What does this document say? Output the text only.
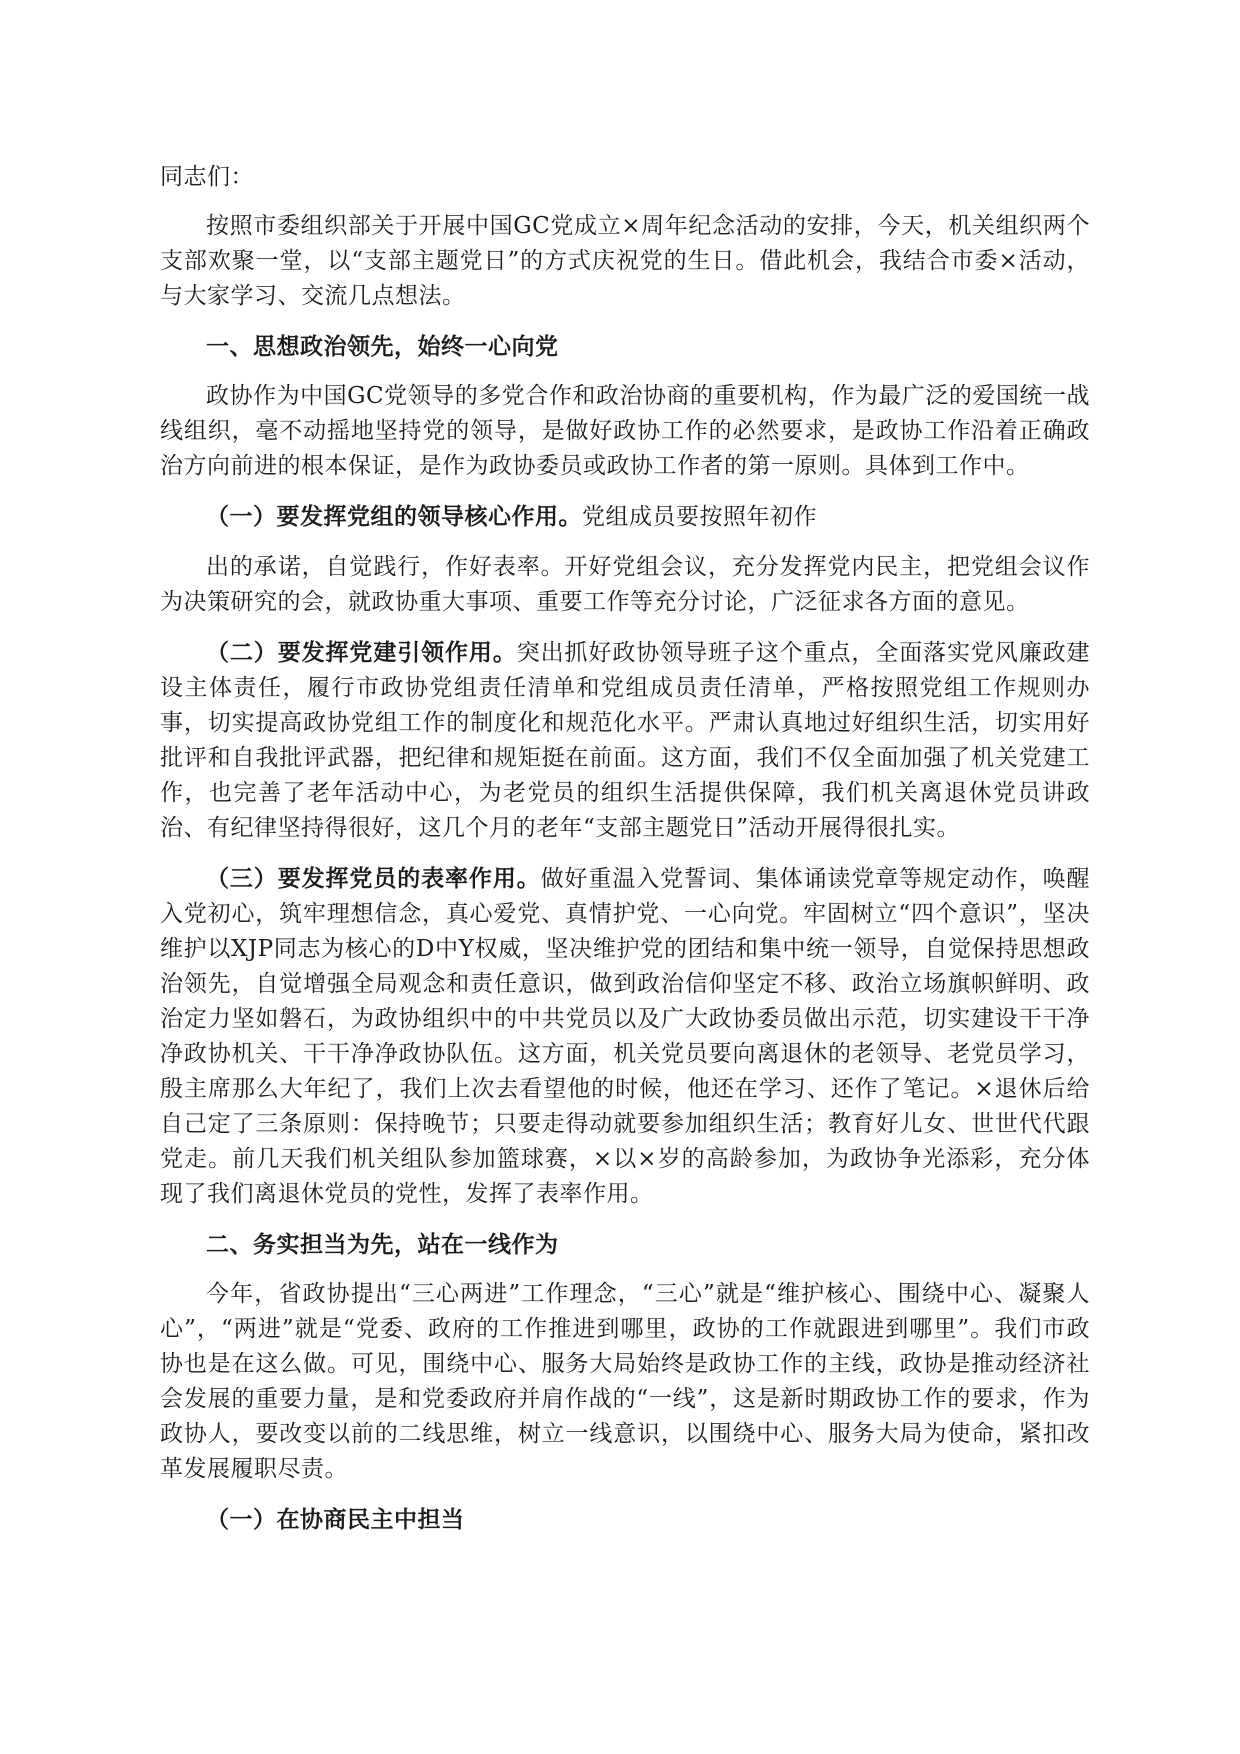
同志们：

按照市委组织部关于开展中国GC党成立×周年纪念活动的安排，今天，机关组织两个支部欢聚一堂，以“支部主题党日”的方式庆祝党的生日。借此机会，我结合市委×活动，与大家学习、交流几点想法。

一、思想政治领先，始终一心向党

政协作为中国GC党领导的多党合作和政治协商的重要机构，作为最广泛的爱国统一战线组织，毫不动摇地坚持党的领导，是做好政协工作的必然要求，是政协工作沿着正确政治方向前进的根本保证，是作为政协委员或政协工作者的第一原则。具体到工作中。

（一）要发挥党组的领导核心作用。党组成员要按照年初作

出的承诺，自觉践行，作好表率。开好党组会议，充分发挥党内民主，把党组会议作为决策研究的会，就政协重大事项、重要工作等充分讨论，广泛征求各方面的意见。

（二）要发挥党建引领作用。突出抓好政协领导班子这个重点，全面落实党风廉政建设主体责任，履行市政协党组责任清单和党组成员责任清单，严格按照党组工作规则办事，切实提高政协党组工作的制度化和规范化水平。严肃认真地过好组织生活，切实用好批评和自我批评武器，把纪律和规矩挺在前面。这方面，我们不仅全面加强了机关党建工作，也完善了老年活动中心，为老党员的组织生活提供保障，我们机关离退休党员讲政治、有纪律坚持得很好，这几个月的老年“支部主题党日”活动开展得很扎实。

（三）要发挥党员的表率作用。做好重温入党誓词、集体诵读党章等规定动作，唤醒入党初心，筑牢理想信念，真心爱党、真情护党、一心向党。牢固树立“四个意识”，坚决维护以XJP同志为核心的D中Y权威，坚决维护党的团结和集中统一领导，自觉保持思想政治领先，自觉增强全局观念和责任意识，做到政治信仰坚定不移、政治立场旗帜鲜明、政治定力坚如磐石，为政协组织中的中共党员以及广大政协委员做出示范，切实建设干干净净政协机关、干干净净政协队伍。这方面，机关党员要向离退休的老领导、老党员学习，殷主席那么大年纪了，我们上次去看望他的时候，他还在学习、还作了笔记。×退休后给自己定了三条原则：保持晚节；只要走得动就要参加组织生活；教育好儿女、世世代代跟党走。前几天我们机关组队参加篮球赛，×以×岁的高龄参加，为政协争光添彩，充分体现了我们离退休党员的党性，发挥了表率作用。

二、务实担当为先，站在一线作为

今年，省政协提出“三心两进”工作理念，“三心”就是“维护核心、围绕中心、凝聚人心”，“两进”就是“党委、政府的工作推进到哪里，政协的工作就跟进到哪里”。我们市政协也是在这么做。可见，围绕中心、服务大局始终是政协工作的主线，政协是推动经济社会发展的重要力量，是和党委政府并肩作战的“一线”，这是新时期政协工作的要求，作为政协人，要改变以前的二线思维，树立一线意识，以围绕中心、服务大局为使命，紧扣改革发展履职尽责。

（一）在协商民主中担当
